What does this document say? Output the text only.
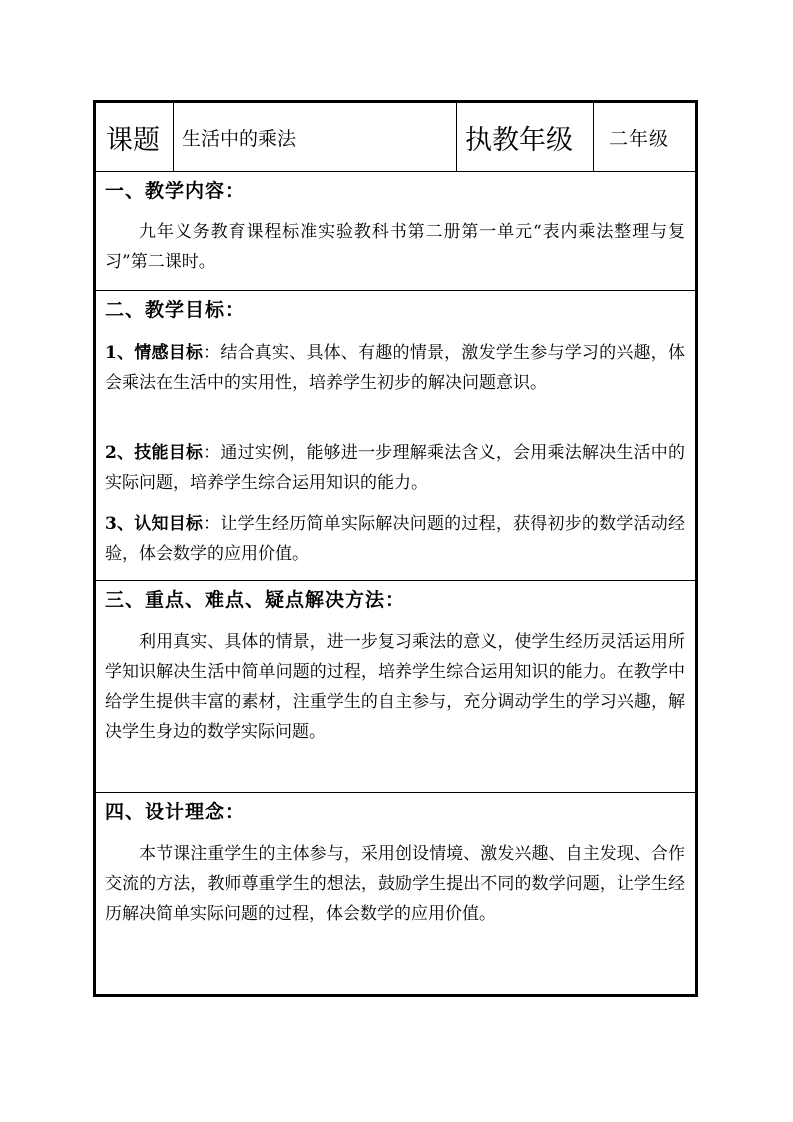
课题	生活中的乘法	执教年级	二年级
一、教学内容：
九年义务教育课程标准实验教科书第二册第一单元“表内乘法整理与复习”第二课时。
二、教学目标：
1、情感目标：结合真实、具体、有趣的情景，激发学生参与学习的兴趣，体会乘法在生活中的实用性，培养学生初步的解决问题意识。
2、技能目标：通过实例，能够进一步理解乘法含义，会用乘法解决生活中的实际问题，培养学生综合运用知识的能力。
3、认知目标：让学生经历简单实际解决问题的过程，获得初步的数学活动经验，体会数学的应用价值。
三、重点、难点、疑点解决方法：
利用真实、具体的情景，进一步复习乘法的意义，使学生经历灵活运用所学知识解决生活中简单问题的过程，培养学生综合运用知识的能力。在教学中给学生提供丰富的素材，注重学生的自主参与，充分调动学生的学习兴趣，解决学生身边的数学实际问题。
四、设计理念：
本节课注重学生的主体参与，采用创设情境、激发兴趣、自主发现、合作交流的方法，教师尊重学生的想法，鼓励学生提出不同的数学问题，让学生经历解决简单实际问题的过程，体会数学的应用价值。
